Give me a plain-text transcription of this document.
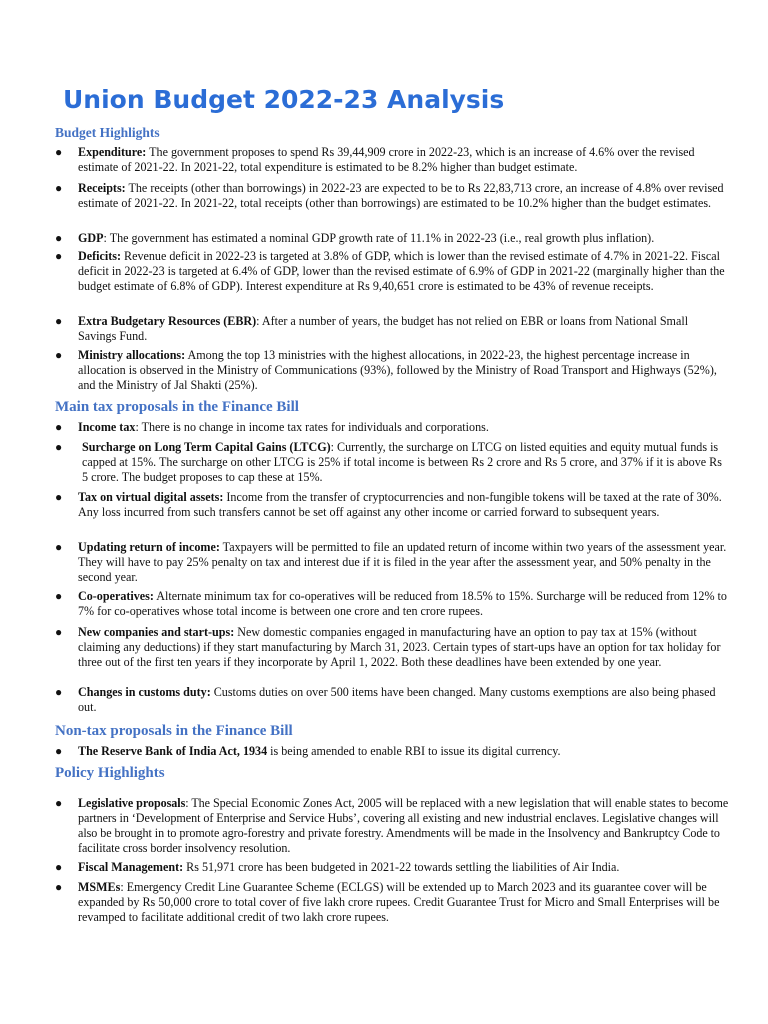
Union Budget 2022-23 Analysis
Budget Highlights
●	Expenditure: The government proposes to spend Rs 39,44,909 crore in 2022-23, which is an increase of 4.6% over the revised estimate of 2021-22. In 2021-22, total expenditure is estimated to be 8.2% higher than budget estimate.
●	Receipts: The receipts (other than borrowings) in 2022-23 are expected to be to Rs 22,83,713 crore, an increase of 4.8% over revised estimate of 2021-22. In 2021-22, total receipts (other than borrowings) are estimated to be 10.2% higher than the budget estimates.
●	GDP: The government has estimated a nominal GDP growth rate of 11.1% in 2022-23 (i.e., real growth plus inflation).
●	Deficits: Revenue deficit in 2022-23 is targeted at 3.8% of GDP, which is lower than the revised estimate of 4.7% in 2021-22. Fiscal deficit in 2022-23 is targeted at 6.4% of GDP, lower than the revised estimate of 6.9% of GDP in 2021-22 (marginally higher than the budget estimate of 6.8% of GDP). Interest expenditure at Rs 9,40,651 crore is estimated to be 43% of revenue receipts.
●	Extra Budgetary Resources (EBR): After a number of years, the budget has not relied on EBR or loans from National Small Savings Fund.
●	Ministry allocations: Among the top 13 ministries with the highest allocations, in 2022-23, the highest percentage increase in allocation is observed in the Ministry of Communications (93%), followed by the Ministry of Road Transport and Highways (52%), and the Ministry of Jal Shakti (25%).
Main tax proposals in the Finance Bill
●	Income tax: There is no change in income tax rates for individuals and corporations.
●	Surcharge on Long Term Capital Gains (LTCG): Currently, the surcharge on LTCG on listed equities and equity mutual funds is capped at 15%. The surcharge on other LTCG is 25% if total income is between Rs 2 crore and Rs 5 crore, and 37% if it is above Rs 5 crore. The budget proposes to cap these at 15%.
●	Tax on virtual digital assets: Income from the transfer of cryptocurrencies and non-fungible tokens will be taxed at the rate of 30%. Any loss incurred from such transfers cannot be set off against any other income or carried forward to subsequent years.
●	Updating return of income: Taxpayers will be permitted to file an updated return of income within two years of the assessment year. They will have to pay 25% penalty on tax and interest due if it is filed in the year after the assessment year, and 50% penalty in the second year.
●	Co-operatives: Alternate minimum tax for co-operatives will be reduced from 18.5% to 15%. Surcharge will be reduced from 12% to 7% for co-operatives whose total income is between one crore and ten crore rupees.
●	New companies and start-ups: New domestic companies engaged in manufacturing have an option to pay tax at 15% (without claiming any deductions) if they start manufacturing by March 31, 2023. Certain types of start-ups have an option for tax holiday for three out of the first ten years if they incorporate by April 1, 2022. Both these deadlines have been extended by one year.
●	Changes in customs duty: Customs duties on over 500 items have been changed. Many customs exemptions are also being phased out.
Non-tax proposals in the Finance Bill
●	The Reserve Bank of India Act, 1934 is being amended to enable RBI to issue its digital currency.
Policy Highlights
●	Legislative proposals: The Special Economic Zones Act, 2005 will be replaced with a new legislation that will enable states to become partners in ‘Development of Enterprise and Service Hubs’, covering all existing and new industrial enclaves. Legislative changes will also be brought in to promote agro-forestry and private forestry. Amendments will be made in the Insolvency and Bankruptcy Code to facilitate cross border insolvency resolution.
●	Fiscal Management: Rs 51,971 crore has been budgeted in 2021-22 towards settling the liabilities of Air India.
●	MSMEs: Emergency Credit Line Guarantee Scheme (ECLGS) will be extended up to March 2023 and its guarantee cover will be expanded by Rs 50,000 crore to total cover of five lakh crore rupees. Credit Guarantee Trust for Micro and Small Enterprises will be revamped to facilitate additional credit of two lakh crore rupees.
